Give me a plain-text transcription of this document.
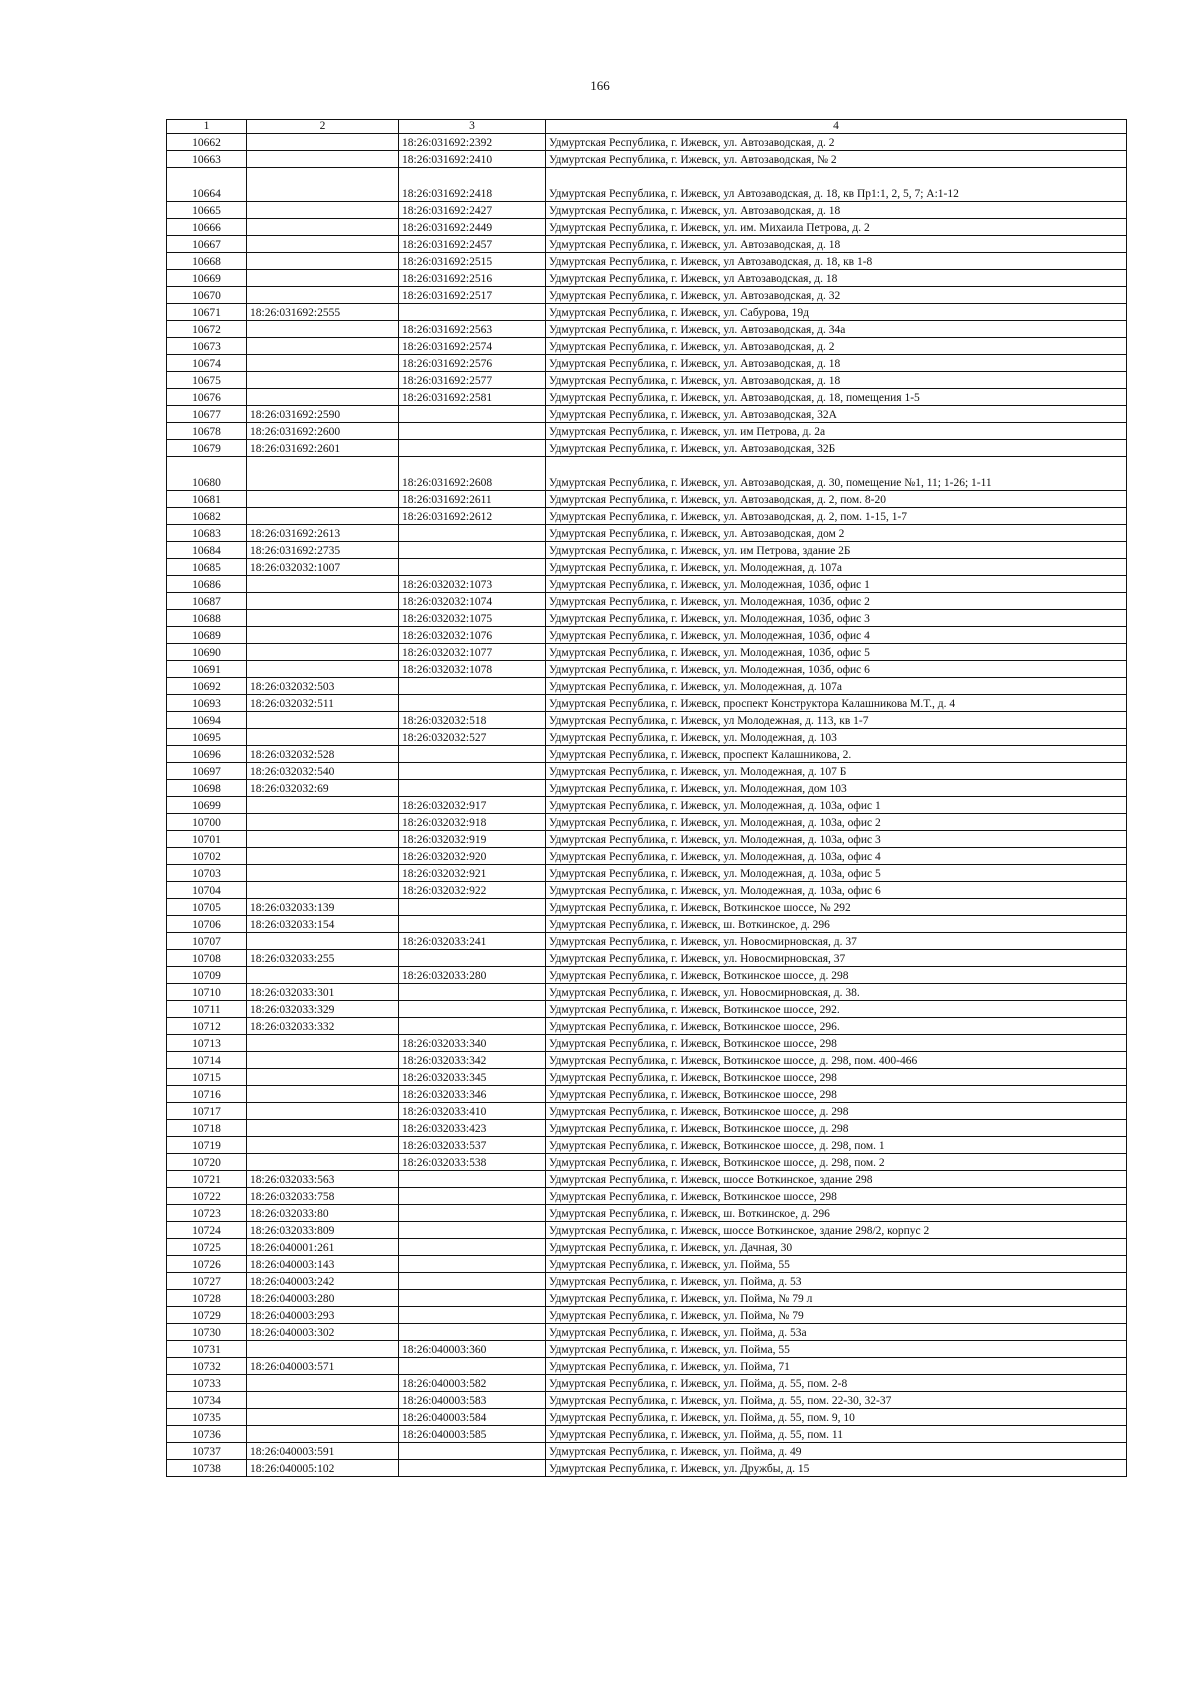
166
1	2	3	4
10662		18:26:031692:2392	Удмуртская Республика, г. Ижевск, ул. Автозаводская, д. 2
10663		18:26:031692:2410	Удмуртская Республика, г. Ижевск, ул. Автозаводская, № 2
10664		18:26:031692:2418	Удмуртская Республика, г. Ижевск, ул Автозаводская, д. 18, кв Пр1:1, 2, 5, 7; А:1-12
10665		18:26:031692:2427	Удмуртская Республика, г. Ижевск, ул. Автозаводская, д. 18
10666		18:26:031692:2449	Удмуртская Республика, г. Ижевск, ул. им. Михаила Петрова, д. 2
10667		18:26:031692:2457	Удмуртская Республика, г. Ижевск, ул. Автозаводская, д. 18
10668		18:26:031692:2515	Удмуртская Республика, г. Ижевск, ул Автозаводская, д. 18, кв 1-8
10669		18:26:031692:2516	Удмуртская Республика, г. Ижевск, ул Автозаводская, д. 18
10670		18:26:031692:2517	Удмуртская Республика, г. Ижевск, ул. Автозаводская, д. 32
10671	18:26:031692:2555		Удмуртская Республика, г. Ижевск, ул. Сабурова, 19д
10672		18:26:031692:2563	Удмуртская Республика, г. Ижевск, ул. Автозаводская, д. 34а
10673		18:26:031692:2574	Удмуртская Республика, г. Ижевск, ул. Автозаводская, д. 2
10674		18:26:031692:2576	Удмуртская Республика, г. Ижевск, ул. Автозаводская, д. 18
10675		18:26:031692:2577	Удмуртская Республика, г. Ижевск, ул. Автозаводская, д. 18
10676		18:26:031692:2581	Удмуртская Республика, г. Ижевск, ул. Автозаводская, д. 18, помещения 1-5
10677	18:26:031692:2590		Удмуртская Республика, г. Ижевск, ул. Автозаводская, 32А
10678	18:26:031692:2600		Удмуртская Республика, г. Ижевск, ул. им Петрова, д. 2а
10679	18:26:031692:2601		Удмуртская Республика, г. Ижевск, ул. Автозаводская, 32Б
10680		18:26:031692:2608	Удмуртская Республика, г. Ижевск, ул. Автозаводская, д. 30, помещение №1, 11; 1-26; 1-11
10681		18:26:031692:2611	Удмуртская Республика, г. Ижевск, ул. Автозаводская, д. 2, пом. 8-20
10682		18:26:031692:2612	Удмуртская Республика, г. Ижевск, ул. Автозаводская, д. 2, пом. 1-15, 1-7
10683	18:26:031692:2613		Удмуртская Республика, г. Ижевск, ул. Автозаводская, дом 2
10684	18:26:031692:2735		Удмуртская Республика, г. Ижевск, ул. им Петрова, здание 2Б
10685	18:26:032032:1007		Удмуртская Республика, г. Ижевск, ул. Молодежная, д. 107а
10686		18:26:032032:1073	Удмуртская Республика, г. Ижевск, ул. Молодежная, 103б, офис 1
10687		18:26:032032:1074	Удмуртская Республика, г. Ижевск, ул. Молодежная, 103б, офис 2
10688		18:26:032032:1075	Удмуртская Республика, г. Ижевск, ул. Молодежная, 103б, офис 3
10689		18:26:032032:1076	Удмуртская Республика, г. Ижевск, ул. Молодежная, 103б, офис 4
10690		18:26:032032:1077	Удмуртская Республика, г. Ижевск, ул. Молодежная, 103б, офис 5
10691		18:26:032032:1078	Удмуртская Республика, г. Ижевск, ул. Молодежная, 103б, офис 6
10692	18:26:032032:503		Удмуртская Республика, г. Ижевск, ул. Молодежная, д. 107а
10693	18:26:032032:511		Удмуртская Республика, г. Ижевск, проспект Конструктора Калашникова М.Т., д. 4
10694		18:26:032032:518	Удмуртская Республика, г. Ижевск, ул Молодежная, д. 113, кв 1-7
10695		18:26:032032:527	Удмуртская Республика, г. Ижевск, ул. Молодежная, д. 103
10696	18:26:032032:528		Удмуртская Республика, г. Ижевск, проспект Калашникова, 2.
10697	18:26:032032:540		Удмуртская Республика, г. Ижевск, ул. Молодежная, д. 107 Б
10698	18:26:032032:69		Удмуртская Республика, г. Ижевск, ул. Молодежная, дом 103
10699		18:26:032032:917	Удмуртская Республика, г. Ижевск, ул. Молодежная, д. 103а, офис 1
10700		18:26:032032:918	Удмуртская Республика, г. Ижевск, ул. Молодежная, д. 103а, офис 2
10701		18:26:032032:919	Удмуртская Республика, г. Ижевск, ул. Молодежная, д. 103а, офис 3
10702		18:26:032032:920	Удмуртская Республика, г. Ижевск, ул. Молодежная, д. 103а, офис 4
10703		18:26:032032:921	Удмуртская Республика, г. Ижевск, ул. Молодежная, д. 103а, офис 5
10704		18:26:032032:922	Удмуртская Республика, г. Ижевск, ул. Молодежная, д. 103а, офис 6
10705	18:26:032033:139		Удмуртская Республика, г. Ижевск, Воткинское шоссе, № 292
10706	18:26:032033:154		Удмуртская Республика, г. Ижевск, ш. Воткинское, д. 296
10707		18:26:032033:241	Удмуртская Республика, г. Ижевск, ул. Новосмирновская, д. 37
10708	18:26:032033:255		Удмуртская Республика, г. Ижевск, ул. Новосмирновская, 37
10709		18:26:032033:280	Удмуртская Республика, г. Ижевск, Воткинское шоссе, д. 298
10710	18:26:032033:301		Удмуртская Республика, г. Ижевск, ул. Новосмирновская, д. 38.
10711	18:26:032033:329		Удмуртская Республика, г. Ижевск, Воткинское шоссе, 292.
10712	18:26:032033:332		Удмуртская Республика, г. Ижевск, Воткинское шоссе, 296.
10713		18:26:032033:340	Удмуртская Республика, г. Ижевск, Воткинское шоссе, 298
10714		18:26:032033:342	Удмуртская Республика, г. Ижевск, Воткинское шоссе, д. 298, пом. 400-466
10715		18:26:032033:345	Удмуртская Республика, г. Ижевск, Воткинское шоссе, 298
10716		18:26:032033:346	Удмуртская Республика, г. Ижевск, Воткинское шоссе, 298
10717		18:26:032033:410	Удмуртская Республика, г. Ижевск, Воткинское шоссе, д. 298
10718		18:26:032033:423	Удмуртская Республика, г. Ижевск, Воткинское шоссе, д. 298
10719		18:26:032033:537	Удмуртская Республика, г. Ижевск, Воткинское шоссе, д. 298, пом. 1
10720		18:26:032033:538	Удмуртская Республика, г. Ижевск, Воткинское шоссе, д. 298, пом. 2
10721	18:26:032033:563		Удмуртская Республика, г. Ижевск, шоссе Воткинское, здание 298
10722	18:26:032033:758		Удмуртская Республика, г. Ижевск, Воткинское шоссе, 298
10723	18:26:032033:80		Удмуртская Республика, г. Ижевск, ш. Воткинское, д. 296
10724	18:26:032033:809		Удмуртская Республика, г. Ижевск, шоссе Воткинское, здание 298/2, корпус 2
10725	18:26:040001:261		Удмуртская Республика, г. Ижевск, ул. Дачная, 30
10726	18:26:040003:143		Удмуртская Республика, г. Ижевск, ул. Пойма, 55
10727	18:26:040003:242		Удмуртская Республика, г. Ижевск, ул. Пойма, д. 53
10728	18:26:040003:280		Удмуртская Республика, г. Ижевск, ул. Пойма, № 79 л
10729	18:26:040003:293		Удмуртская Республика, г. Ижевск, ул. Пойма, № 79
10730	18:26:040003:302		Удмуртская Республика, г. Ижевск, ул. Пойма, д. 53а
10731		18:26:040003:360	Удмуртская Республика, г. Ижевск, ул. Пойма, 55
10732	18:26:040003:571		Удмуртская Республика, г. Ижевск, ул. Пойма, 71
10733		18:26:040003:582	Удмуртская Республика, г. Ижевск, ул. Пойма, д. 55, пом. 2-8
10734		18:26:040003:583	Удмуртская Республика, г. Ижевск, ул. Пойма, д. 55, пом. 22-30, 32-37
10735		18:26:040003:584	Удмуртская Республика, г. Ижевск, ул. Пойма, д. 55, пом. 9, 10
10736		18:26:040003:585	Удмуртская Республика, г. Ижевск, ул. Пойма, д. 55, пом. 11
10737	18:26:040003:591		Удмуртская Республика, г. Ижевск, ул. Пойма, д. 49
10738	18:26:040005:102		Удмуртская Республика, г. Ижевск, ул. Дружбы, д. 15
